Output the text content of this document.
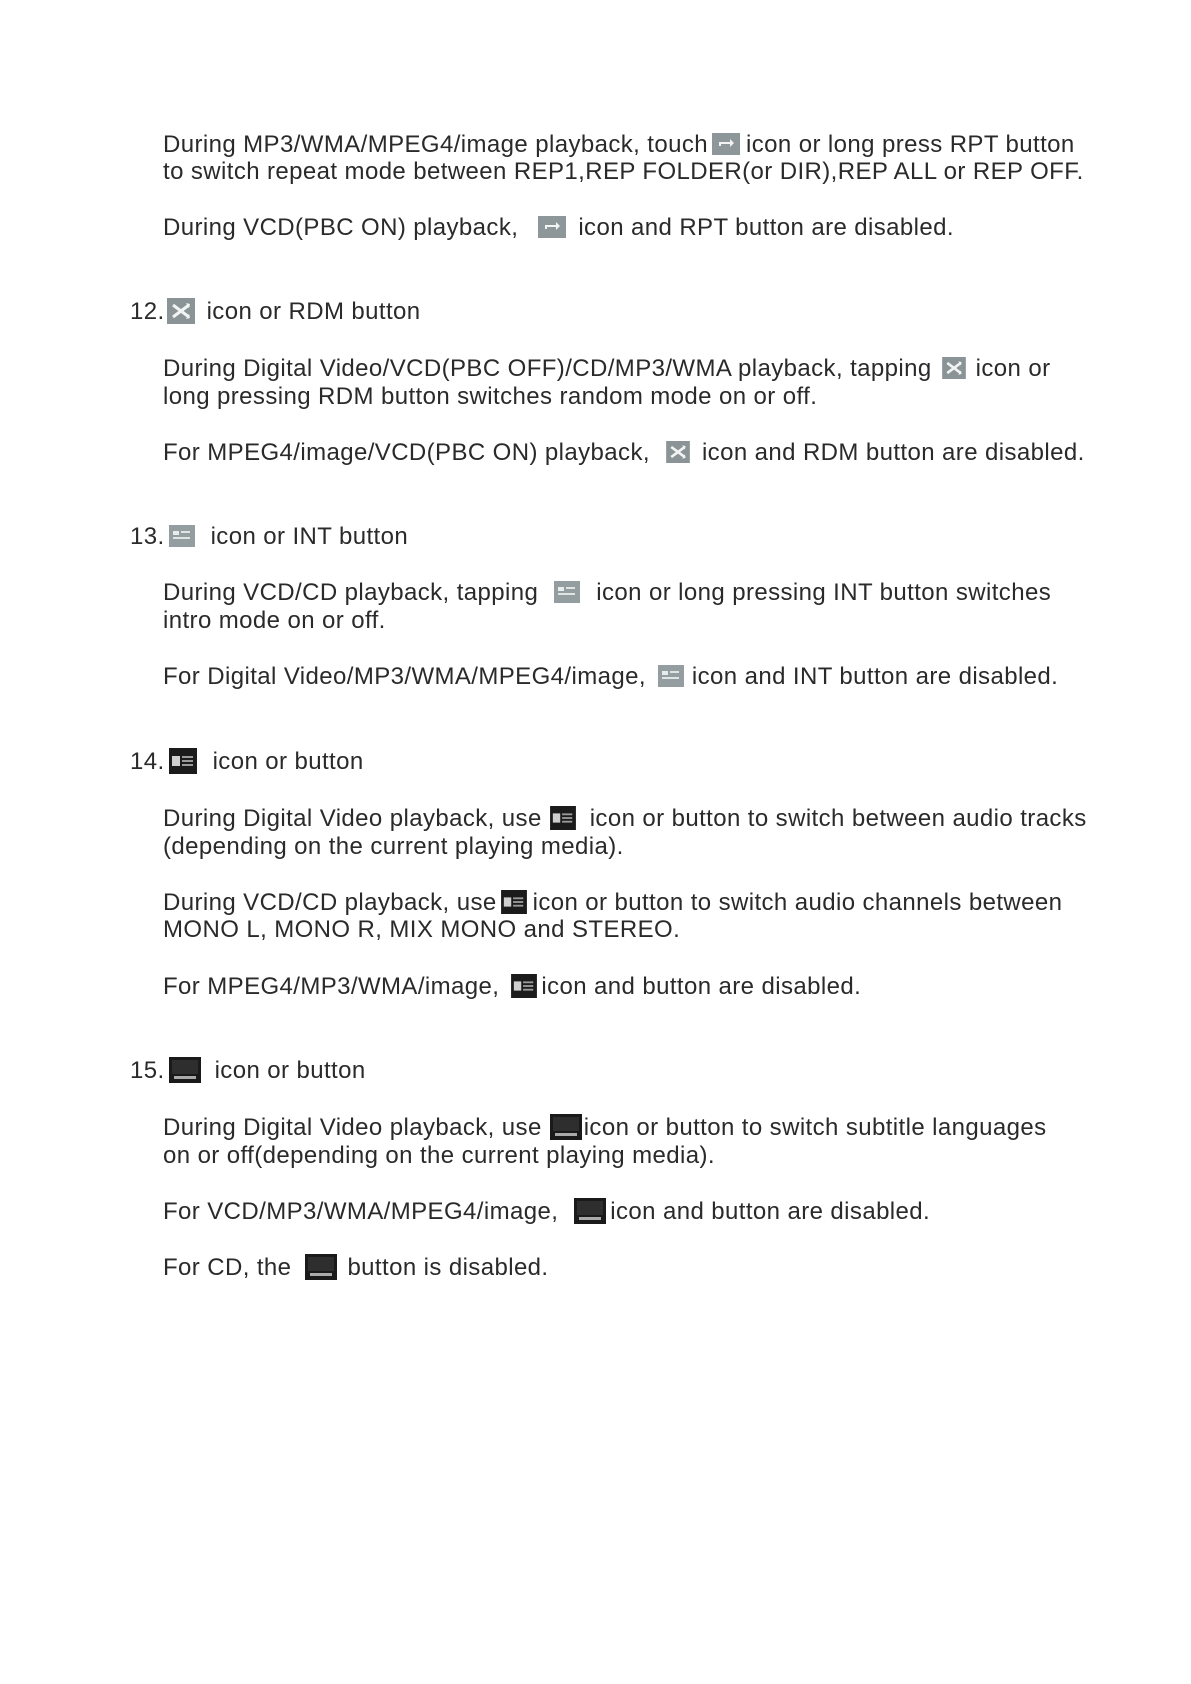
During MP3/WMA/MPEG4/image playback, touch icon or long press RPT button
to switch repeat mode between REP1,REP FOLDER(or DIR),REP ALL or REP OFF.
During VCD(PBC ON) playback,	icon and RPT button are disabled.
12. icon or RDM button
During Digital Video/VCD(PBC OFF)/CD/MP3/WMA playback, tapping icon or
long pressing RDM button switches random mode on or off.
For MPEG4/image/VCD(PBC ON) playback, icon and RDM button are disabled.
13. icon or INT button
During VCD/CD playback, tapping icon or long pressing INT button switches
intro mode on or off.
For Digital Video/MP3/WMA/MPEG4/image, icon and INT button are disabled.
14. icon or button
During Digital Video playback, use icon or button to switch between audio tracks
(depending on the current playing media).
During VCD/CD playback, use icon or button to switch audio channels between
MONO L, MONO R, MIX MONO and STEREO.
For MPEG4/MP3/WMA/image, icon and button are disabled.
15. icon or button
During Digital Video playback, use icon or button to switch subtitle languages
on or off(depending on the current playing media).
For VCD/MP3/WMA/MPEG4/image, icon and button are disabled.
For CD, the button is disabled.
